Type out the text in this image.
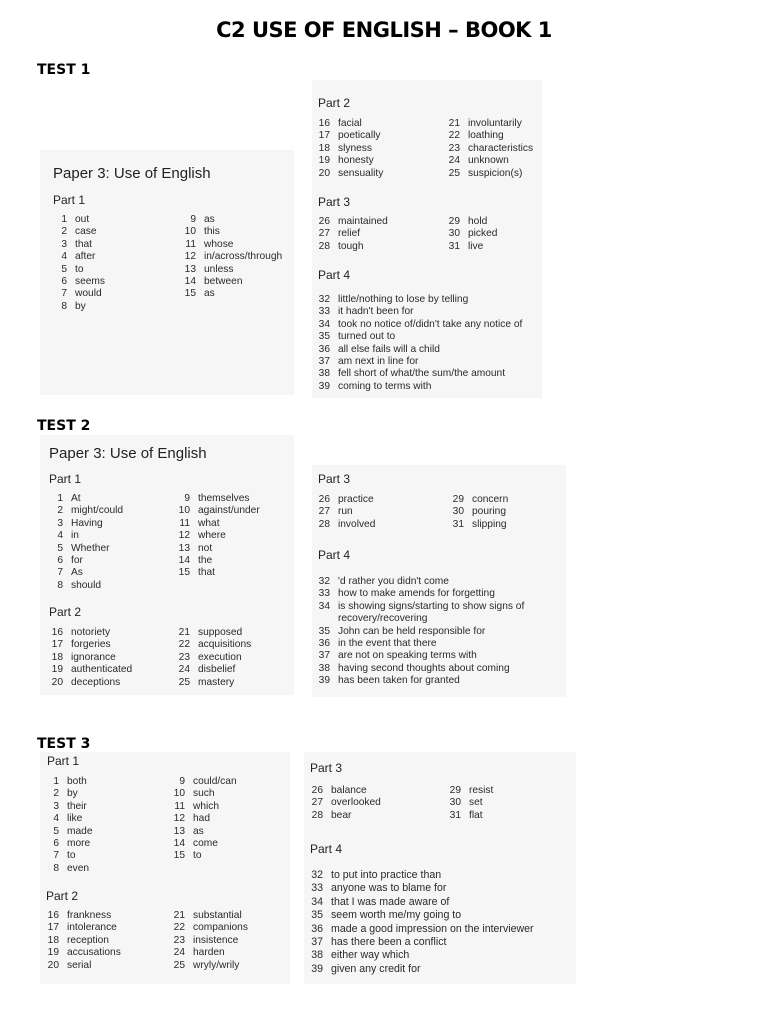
C2 USE OF ENGLISH – BOOK 1
TEST 1
Paper 3: Use of English
Part 1
1 out
2 case
3 that
4 after
5 to
6 seems
7 would
8 by
9 as
10 this
11 whose
12 in/across/through
13 unless
14 between
15 as
Part 2
16 facial
17 poetically
18 slyness
19 honesty
20 sensuality
21 involuntarily
22 loathing
23 characteristics
24 unknown
25 suspicion(s)
Part 3
26 maintained
27 relief
28 tough
29 hold
30 picked
31 live
Part 4
32 little/nothing to lose by telling
33 it hadn't been for
34 took no notice of/didn't take any notice of
35 turned out to
36 all else fails will a child
37 am next in line for
38 fell short of what/the sum/the amount
39 coming to terms with
TEST 2
Paper 3: Use of English
Part 1
1 At
2 might/could
3 Having
4 in
5 Whether
6 for
7 As
8 should
9 themselves
10 against/under
11 what
12 where
13 not
14 the
15 that
Part 2
16 notoriety
17 forgeries
18 ignorance
19 authenticated
20 deceptions
21 supposed
22 acquisitions
23 execution
24 disbelief
25 mastery
Part 3
26 practice
27 run
28 involved
29 concern
30 pouring
31 slipping
Part 4
32 'd rather you didn't come
33 how to make amends for forgetting
34 is showing signs/starting to show signs of
recovery/recovering
35 John can be held responsible for
36 in the event that there
37 are not on speaking terms with
38 having second thoughts about coming
39 has been taken for granted
TEST 3
Part 1
1 both
2 by
3 their
4 like
5 made
6 more
7 to
8 even
9 could/can
10 such
11 which
12 had
13 as
14 come
15 to
Part 2
16 frankness
17 intolerance
18 reception
19 accusations
20 serial
21 substantial
22 companions
23 insistence
24 harden
25 wryly/wrily
Part 3
26 balance
27 overlooked
28 bear
29 resist
30 set
31 flat
Part 4
32 to put into practice than
33 anyone was to blame for
34 that I was made aware of
35 seem worth me/my going to
36 made a good impression on the interviewer
37 has there been a conflict
38 either way which
39 given any credit for
